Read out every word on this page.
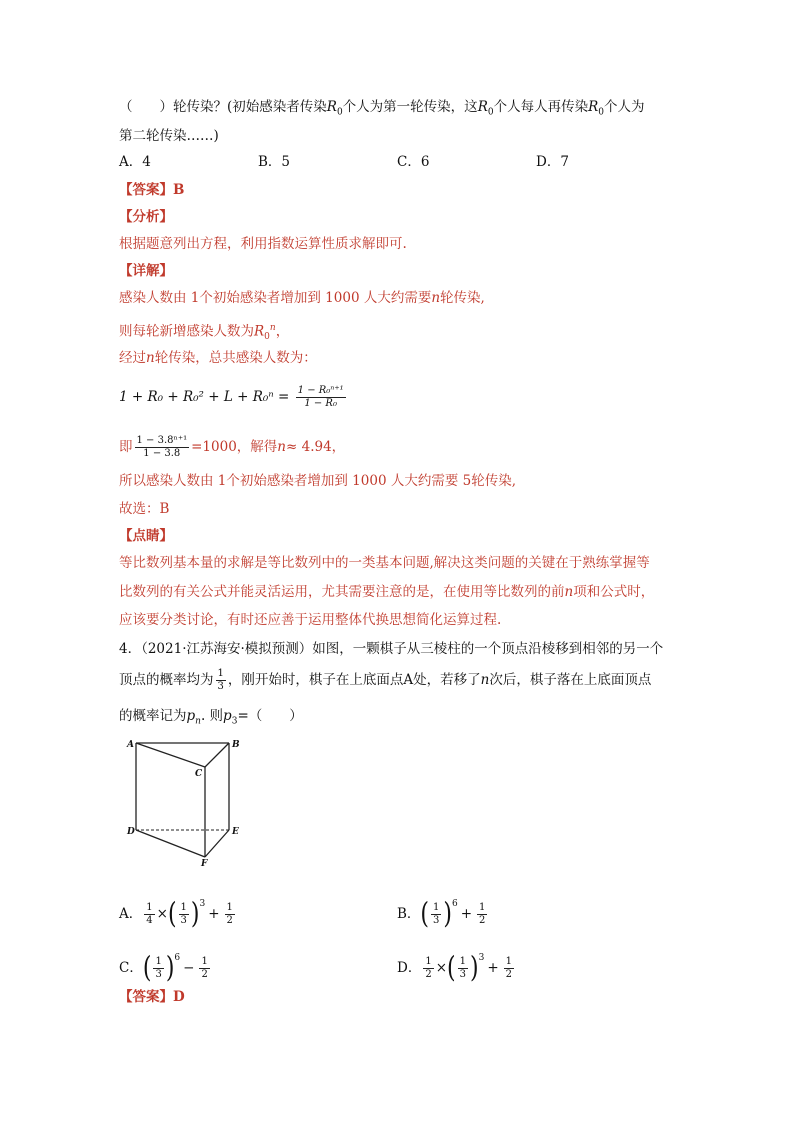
（　　）轮传染？(初始感染者传染$R_0$个人为第一轮传染，这$R_0$个人每人再传染$R_0$个人为
第二轮传染……)
A．4	B．5	C．6	D．7
【答案】B
【分析】
根据题意列出方程，利用指数运算性质求解即可.
【详解】
感染人数由 1个初始感染者增加到 1000 人大约需要n轮传染,
则每轮新增感染人数为$R_0^n$，
经过n轮传染，总共感染人数为：
$1 + R_0 + R_0^2 + L + R_0^n = \frac{\text{1 − R₀ⁿ⁺¹}}{\text{1 − R₀}}$
即 $\frac{\text{1 − 3.8ⁿ⁺¹}}{1 - 3.8} =1000$，解得n≈ 4.94，
所以感染人数由 1个初始感染者增加到 1000 人大约需要 5轮传染,
故选：B
【点睛】
等比数列基本量的求解是等比数列中的一类基本问题,解决这类问题的关键在于熟练掌握等
比数列的有关公式并能灵活运用，尤其需要注意的是，在使用等比数列的前n项和公式时，
应该要分类讨论，有时还应善于运用整体代换思想简化运算过程.
4．（2021·江苏海安·模拟预测）如图，一颗棋子从三棱柱的一个顶点沿棱移到相邻的另一个
顶点的概率均为 $\frac{1}{3}$ ，刚开始时，棋子在上底面点A处，若移了n次后，棋子落在上底面顶点
的概率记为$p_n$. 则$p_3=$（　　）
A	B
C
D	E
F
A． $\frac{1}{4}$ ×( $\frac{1}{3} )^3+ \frac{1}{2}$	B．( $\frac{1}{3} )^6+ \frac{1}{2}$
C．( $\frac{1}{3} )^6- \frac{1}{2}$	D． $\frac{1}{2}$ ×( $\frac{1}{3} )^3+ \frac{1}{2}$
【答案】D
